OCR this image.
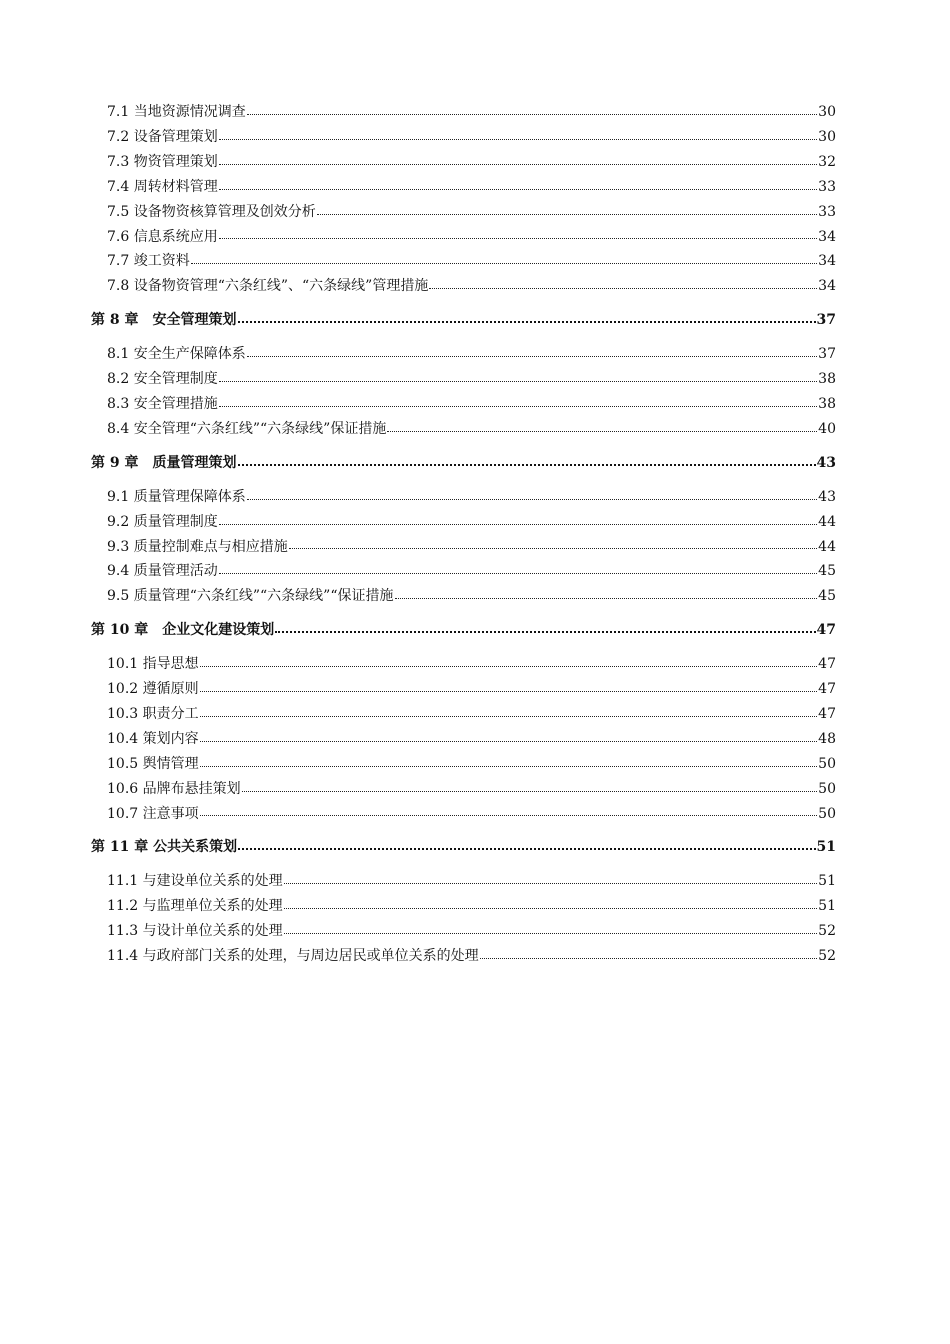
7.1 当地资源情况调查	30
7.2 设备管理策划	30
7.3 物资管理策划	32
7.4 周转材料管理	33
7.5 设备物资核算管理及创效分析	33
7.6 信息系统应用	34
7.7 竣工资料	34
7.8 设备物资管理“六条红线”、“六条绿线”管理措施	34
第 8 章　安全管理策划	37
8.1 安全生产保障体系	37
8.2 安全管理制度	38
8.3 安全管理措施	38
8.4 安全管理“六条红线”“六条绿线”保证措施	40
第 9 章　质量管理策划	43
9.1 质量管理保障体系	43
9.2 质量管理制度	44
9.3 质量控制难点与相应措施	44
9.4 质量管理活动	45
9.5 质量管理“六条红线”“六条绿线”“保证措施	45
第 10 章　企业文化建设策划	47
10.1 指导思想	47
10.2 遵循原则	47
10.3 职责分工	47
10.4 策划内容	48
10.5 舆情管理	50
10.6 品牌布悬挂策划	50
10.7 注意事项	50
第 11 章 公共关系策划	51
11.1 与建设单位关系的处理	51
11.2 与监理单位关系的处理	51
11.3 与设计单位关系的处理	52
11.4 与政府部门关系的处理，与周边居民或单位关系的处理	52
